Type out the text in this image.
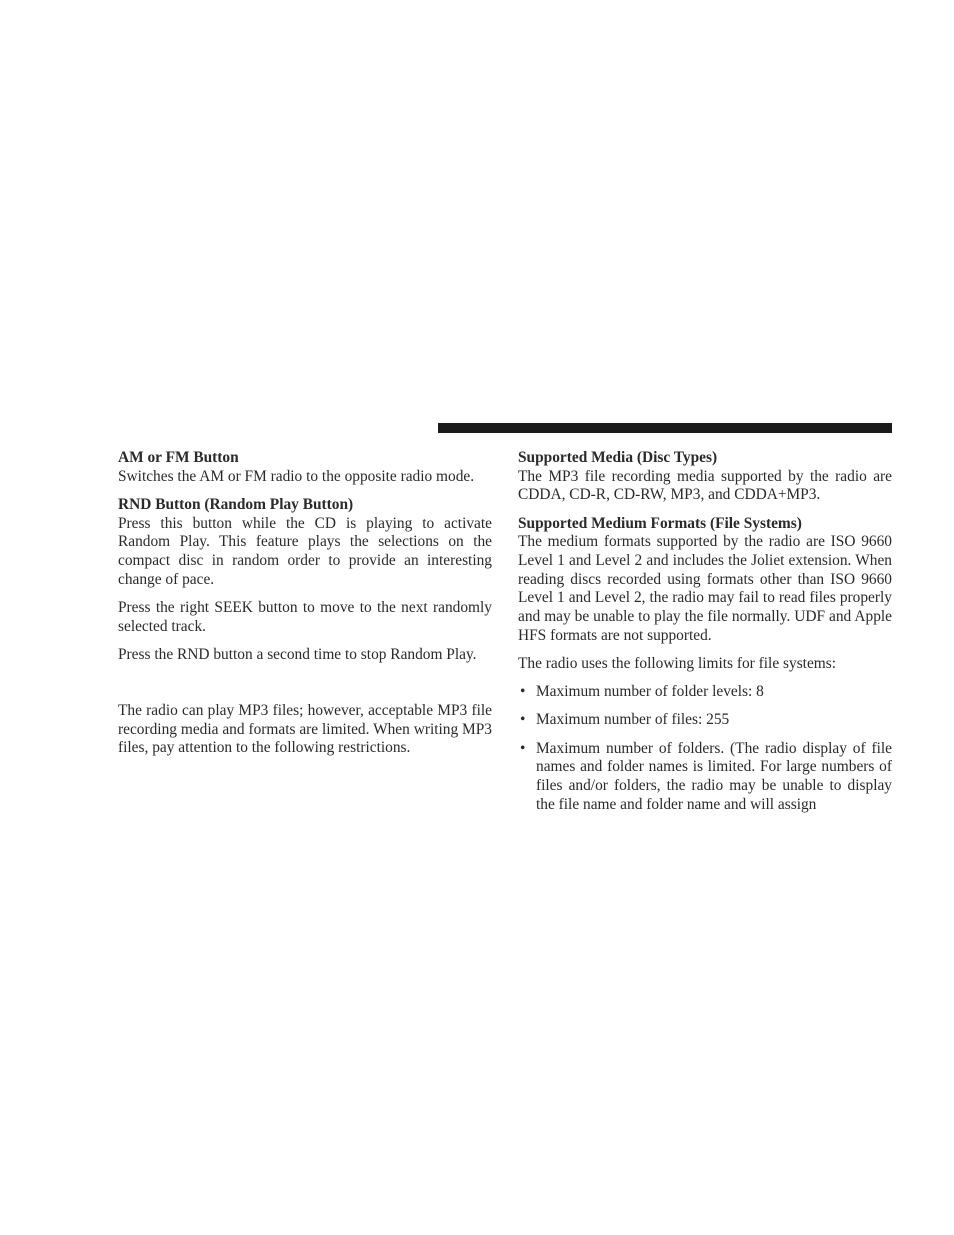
AM or FM Button

Switches the AM or FM radio to the opposite radio mode.

RND Button (Random Play Button)

Press this button while the CD is playing to activate Random Play. This feature plays the selections on the compact disc in random order to provide an interesting change of pace.

Press the right SEEK button to move to the next randomly selected track.

Press the RND button a second time to stop Random Play.

The radio can play MP3 files; however, acceptable MP3 file recording media and formats are limited. When writing MP3 files, pay attention to the following restrictions.

Supported Media (Disc Types)

The MP3 file recording media supported by the radio are CDDA, CD-R, CD-RW, MP3, and CDDA+MP3.

Supported Medium Formats (File Systems)

The medium formats supported by the radio are ISO 9660 Level 1 and Level 2 and includes the Joliet extension. When reading discs recorded using formats other than ISO 9660 Level 1 and Level 2, the radio may fail to read files properly and may be unable to play the file normally. UDF and Apple HFS formats are not supported.

The radio uses the following limits for file systems:

• Maximum number of folder levels: 8
• Maximum number of files: 255
• Maximum number of folders. (The radio display of file names and folder names is limited. For large numbers of files and/or folders, the radio may be unable to display the file name and folder name and will assign
